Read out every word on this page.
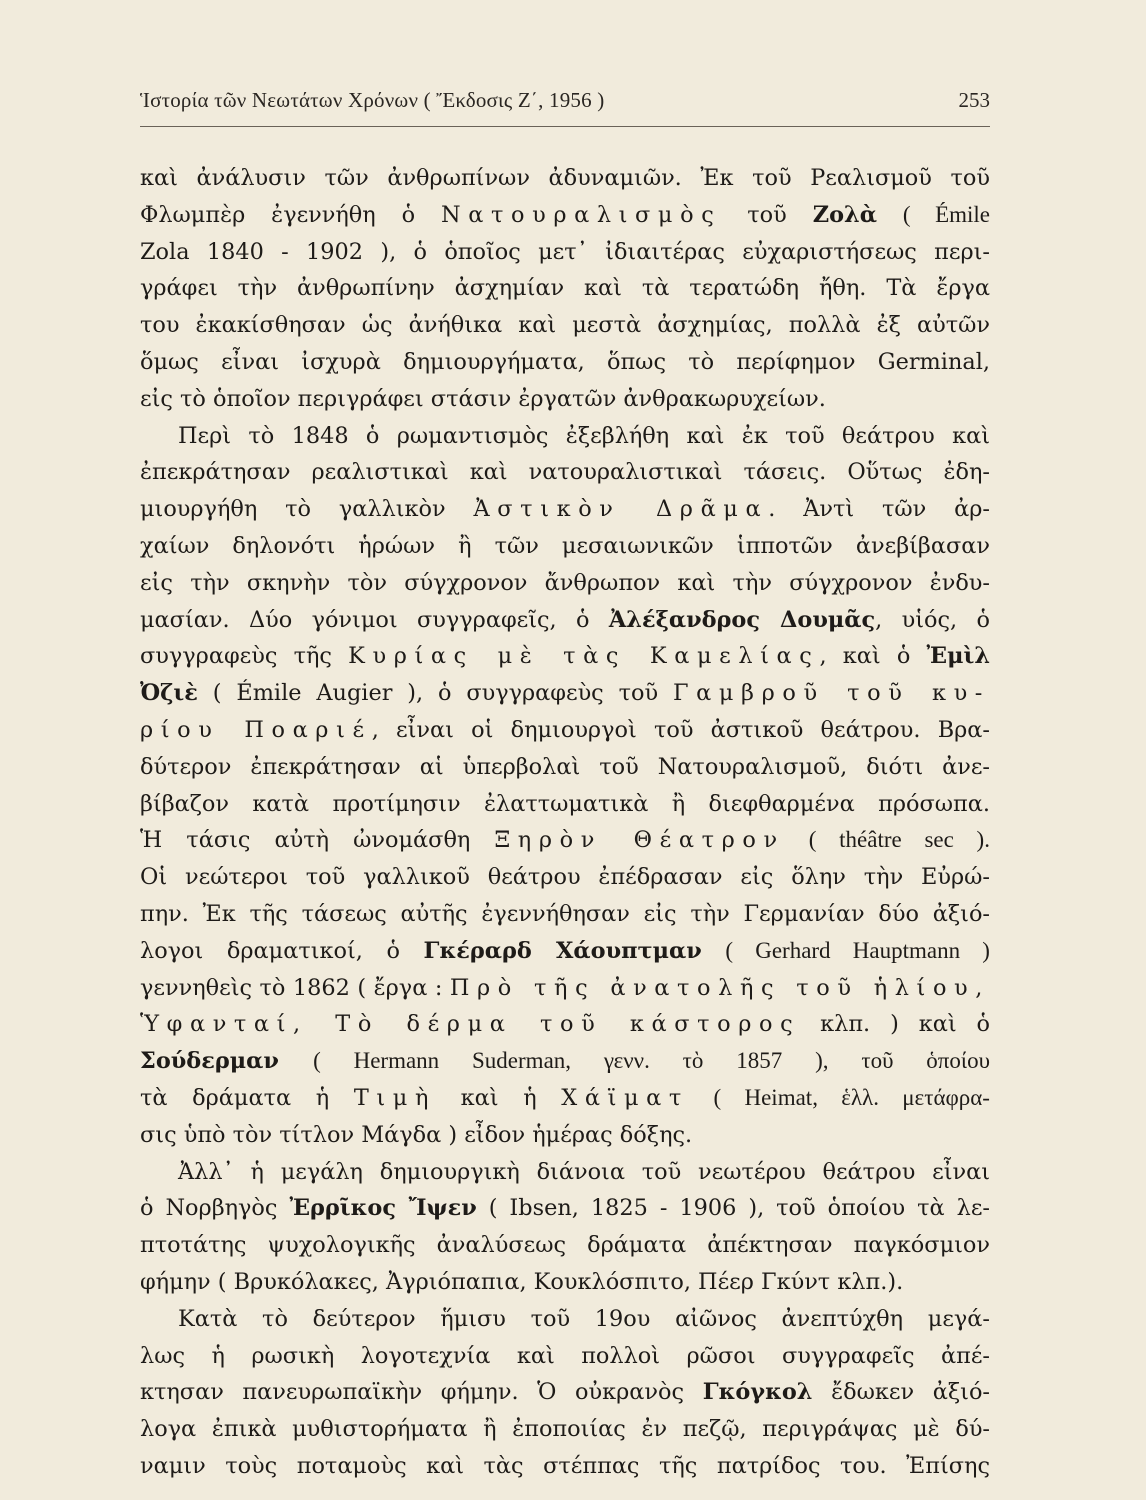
Ἱστορία τῶν Νεωτάτων Χρόνων ( Ἔκδοσις Ζ΄, 1956 )	253
καὶ ἀνάλυσιν τῶν ἀνθρωπίνων ἀδυναμιῶν. Ἐκ τοῦ Ρεαλισμοῦ τοῦ
Φλωμπὲρ ἐγεννήθη ὁ Νατουραλισμὸς τοῦ Ζολὰ ( Émile
Zola 1840 - 1902 ), ὁ ὁποῖος μετ᾽ ἰδιαιτέρας εὐχαριστήσεως περι-
γράφει τὴν ἀνθρωπίνην ἀσχημίαν καὶ τὰ τερατώδη ἤθη. Τὰ ἔργα
του ἐκακίσθησαν ὡς ἀνήθικα καὶ μεστὰ ἀσχημίας, πολλὰ ἐξ αὐτῶν
ὅμως εἶναι ἰσχυρὰ δημιουργήματα, ὅπως τὸ περίφημον Germinal,
εἰς τὸ ὁποῖον περιγράφει στάσιν ἐργατῶν ἀνθρακωρυχείων.
Περὶ τὸ 1848 ὁ ρωμαντισμὸς ἐξεβλήθη καὶ ἐκ τοῦ θεάτρου καὶ
ἐπεκράτησαν ρεαλιστικαὶ καὶ νατουραλιστικαὶ τάσεις. Οὕτως ἐδη-
μιουργήθη τὸ γαλλικὸν Ἀστικὸν Δρᾶμα. Ἀντὶ τῶν ἀρ-
χαίων δηλονότι ἡρώων ἢ τῶν μεσαιωνικῶν ἱπποτῶν ἀνεβίβασαν
εἰς τὴν σκηνὴν τὸν σύγχρονον ἄνθρωπον καὶ τὴν σύγχρονον ἐνδυ-
μασίαν. Δύο γόνιμοι συγγραφεῖς, ὁ Ἀλέξανδρος Δουμᾶς, υἱός, ὁ
συγγραφεὺς τῆς Κυρίας μὲ τὰς Καμελίας, καὶ ὁ Ἐμὶλ
Ὀζιὲ ( Émile Augier ), ὁ συγγραφεὺς τοῦ Γαμβροῦ τοῦ κυ-
ρίου Ποαριέ, εἶναι οἱ δημιουργοὶ τοῦ ἀστικοῦ θεάτρου. Βρα-
δύτερον ἐπεκράτησαν αἱ ὑπερβολαὶ τοῦ Νατουραλισμοῦ, διότι ἀνε-
βίβαζον κατὰ προτίμησιν ἐλαττωματικὰ ἢ διεφθαρμένα πρόσωπα.
Ἡ τάσις αὐτὴ ὠνομάσθη Ξηρὸν Θέατρον ( théâtre sec ).
Οἱ νεώτεροι τοῦ γαλλικοῦ θεάτρου ἐπέδρασαν εἰς ὅλην τὴν Εὐρώ-
πην. Ἐκ τῆς τάσεως αὐτῆς ἐγεννήθησαν εἰς τὴν Γερμανίαν δύο ἀξιό-
λογοι δραματικοί, ὁ Γκέραρδ Χάουπτμαν ( Gerhard Hauptmann )
γεννηθεὶς τὸ 1862 ( ἔργα : Πρὸ τῆς ἀνατολῆς τοῦ ἡλίου,
Ὑφανταί, Τὸ δέρμα τοῦ κάστορος κλπ. ) καὶ ὁ
Σούδερμαν ( Hermann Suderman, γενν. τὸ 1857 ), τοῦ ὁποίου
τὰ δράματα ἡ Τιμὴ καὶ ἡ Χάϊματ ( Heimat, ἑλλ. μετάφρα-
σις ὑπὸ τὸν τίτλον Μάγδα ) εἶδον ἡμέρας δόξης.
Ἀλλ᾽ ἡ μεγάλη δημιουργικὴ διάνοια τοῦ νεωτέρου θεάτρου εἶναι
ὁ Νορβηγὸς Ἐρρῖκος Ἴψεν ( Ibsen, 1825 - 1906 ), τοῦ ὁποίου τὰ λε-
πτοτάτης ψυχολογικῆς ἀναλύσεως δράματα ἀπέκτησαν παγκόσμιον
φήμην ( Βρυκόλακες, Ἀγριόπαπια, Κουκλόσπιτο, Πέερ Γκύντ κλπ.).
Κατὰ τὸ δεύτερον ἥμισυ τοῦ 19ου αἰῶνος ἀνεπτύχθη μεγά-
λως ἡ ρωσικὴ λογοτεχνία καὶ πολλοὶ ρῶσοι συγγραφεῖς ἀπέ-
κτησαν πανευρωπαϊκὴν φήμην. Ὁ οὐκρανὸς Γκόγκολ ἔδωκεν ἀξιό-
λογα ἐπικὰ μυθιστορήματα ἢ ἐποποιίας ἐν πεζῷ, περιγράψας μὲ δύ-
ναμιν τοὺς ποταμοὺς καὶ τὰς στέππας τῆς πατρίδος του. Ἐπίσης
